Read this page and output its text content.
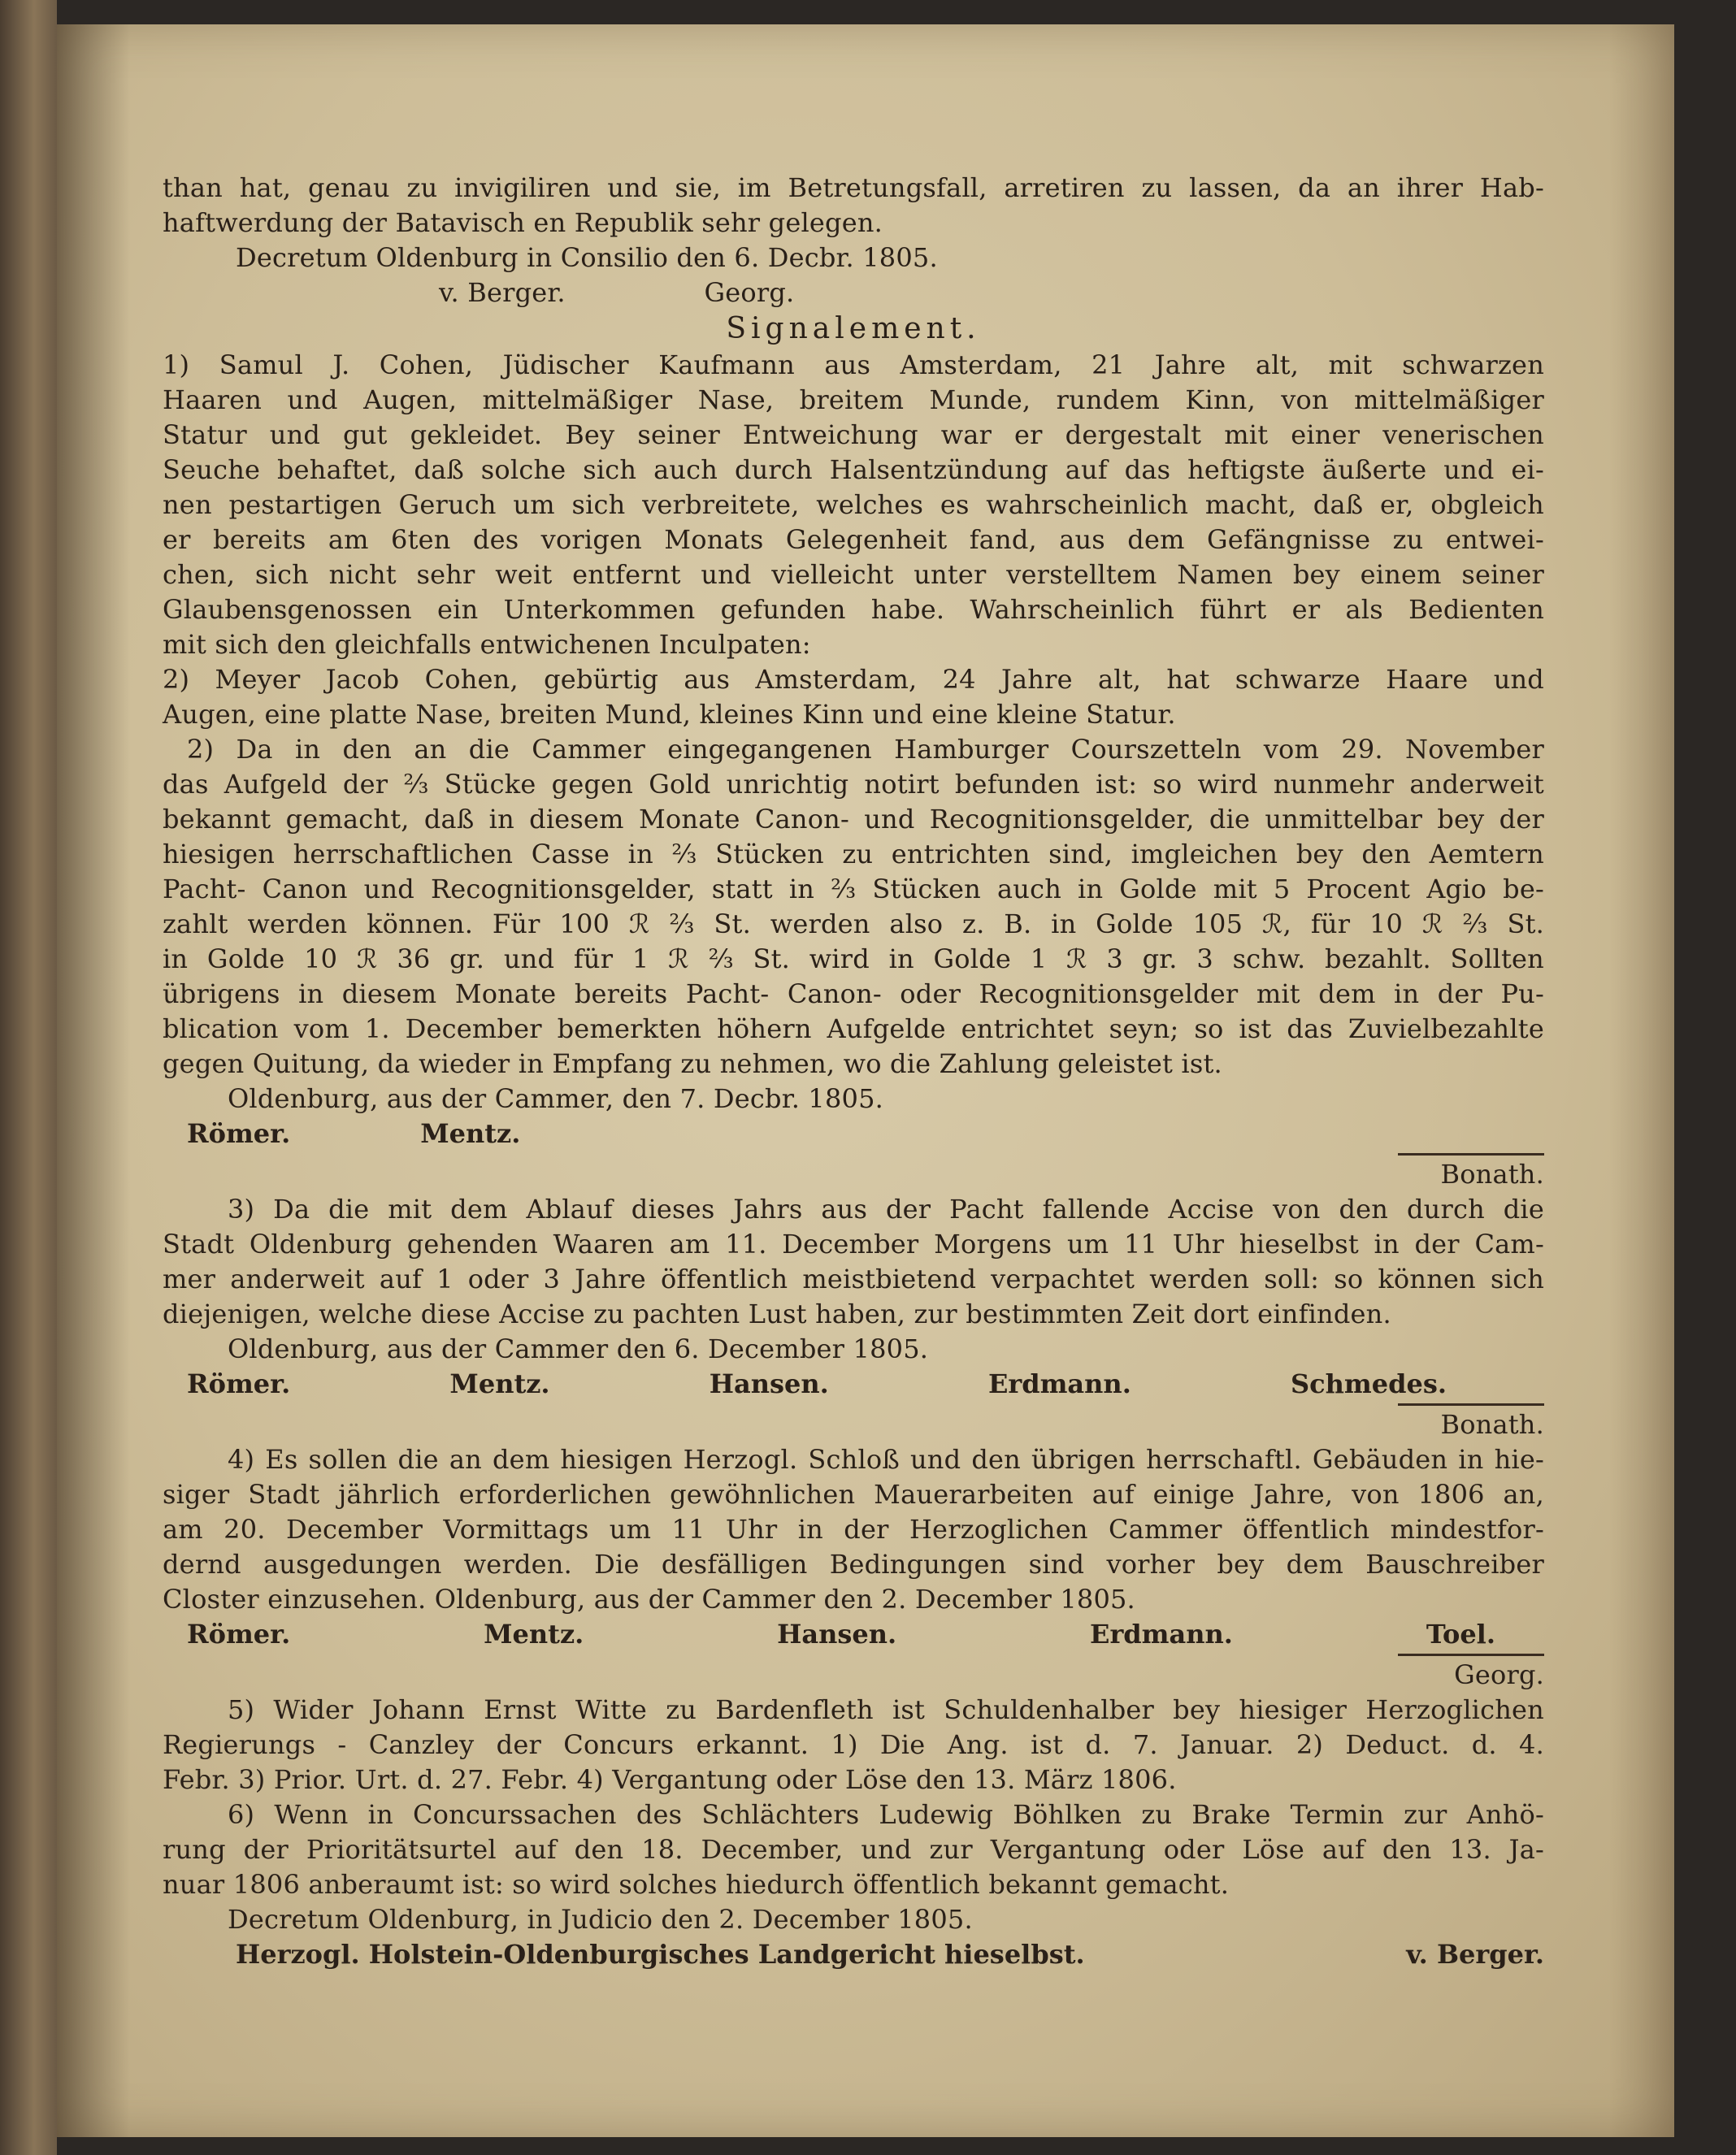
than hat, genau zu invigiliren und sie, im Betretungsfall, arretiren zu lassen, da an ihrer Hab-
haftwerdung der Batavisch en Republik sehr gelegen.
Decretum Oldenburg in Consilio den 6. Decbr. 1805.
v. Berger.	Georg.
Signalement.
1) Samul J. Cohen, Jüdischer Kaufmann aus Amsterdam, 21 Jahre alt, mit schwarzen
Haaren und Augen, mittelmäßiger Nase, breitem Munde, rundem Kinn, von mittelmäßiger
Statur und gut gekleidet. Bey seiner Entweichung war er dergestalt mit einer venerischen
Seuche behaftet, daß solche sich auch durch Halsentzündung auf das heftigste äußerte und ei-
nen pestartigen Geruch um sich verbreitete, welches es wahrscheinlich macht, daß er, obgleich
er bereits am 6ten des vorigen Monats Gelegenheit fand, aus dem Gefängnisse zu entwei-
chen, sich nicht sehr weit entfernt und vielleicht unter verstelltem Namen bey einem seiner
Glaubensgenossen ein Unterkommen gefunden habe. Wahrscheinlich führt er als Bedienten
mit sich den gleichfalls entwichenen Inculpaten:
2) Meyer Jacob Cohen, gebürtig aus Amsterdam, 24 Jahre alt, hat schwarze Haare und
Augen, eine platte Nase, breiten Mund, kleines Kinn und eine kleine Statur.
2) Da in den an die Cammer eingegangenen Hamburger Courszetteln vom 29. November
das Aufgeld der ⅔ Stücke gegen Gold unrichtig notirt befunden ist: so wird nunmehr anderweit
bekannt gemacht, daß in diesem Monate Canon- und Recognitionsgelder, die unmittelbar bey der
hiesigen herrschaftlichen Casse in ⅔ Stücken zu entrichten sind, imgleichen bey den Aemtern
Pacht- Canon und Recognitionsgelder, statt in ⅔ Stücken auch in Golde mit 5 Procent Agio be-
zahlt werden können. Für 100 ℛ ⅔ St. werden also z. B. in Golde 105 ℛ, für 10 ℛ ⅔ St.
in Golde 10 ℛ 36 gr. und für 1 ℛ ⅔ St. wird in Golde 1 ℛ 3 gr. 3 schw. bezahlt. Sollten
übrigens in diesem Monate bereits Pacht- Canon- oder Recognitionsgelder mit dem in der Pu-
blication vom 1. December bemerkten höhern Aufgelde entrichtet seyn; so ist das Zuvielbezahlte
gegen Quitung, da wieder in Empfang zu nehmen, wo die Zahlung geleistet ist.
Oldenburg, aus der Cammer, den 7. Decbr. 1805.
Römer.	Mentz.
Bonath.
3) Da die mit dem Ablauf dieses Jahrs aus der Pacht fallende Accise von den durch die
Stadt Oldenburg gehenden Waaren am 11. December Morgens um 11 Uhr hieselbst in der Cam-
mer anderweit auf 1 oder 3 Jahre öffentlich meistbietend verpachtet werden soll: so können sich
diejenigen, welche diese Accise zu pachten Lust haben, zur bestimmten Zeit dort einfinden.
Oldenburg, aus der Cammer den 6. December 1805.
Römer.	Mentz.	Hansen.	Erdmann.	Schmedes.
Bonath.
4) Es sollen die an dem hiesigen Herzogl. Schloß und den übrigen herrschaftl. Gebäuden in hie-
siger Stadt jährlich erforderlichen gewöhnlichen Mauerarbeiten auf einige Jahre, von 1806 an,
am 20. December Vormittags um 11 Uhr in der Herzoglichen Cammer öffentlich mindestfor-
dernd ausgedungen werden. Die desfälligen Bedingungen sind vorher bey dem Bauschreiber
Closter einzusehen. Oldenburg, aus der Cammer den 2. December 1805.
Römer.	Mentz.	Hansen.	Erdmann.	Toel.
Georg.
5) Wider Johann Ernst Witte zu Bardenfleth ist Schuldenhalber bey hiesiger Herzoglichen
Regierungs - Canzley der Concurs erkannt. 1) Die Ang. ist d. 7. Januar. 2) Deduct. d. 4.
Febr. 3) Prior. Urt. d. 27. Febr. 4) Vergantung oder Löse den 13. März 1806.
6) Wenn in Concurssachen des Schlächters Ludewig Böhlken zu Brake Termin zur Anhö-
rung der Prioritätsurtel auf den 18. December, und zur Vergantung oder Löse auf den 13. Ja-
nuar 1806 anberaumt ist: so wird solches hiedurch öffentlich bekannt gemacht.
Decretum Oldenburg, in Judicio den 2. December 1805.
Herzogl. Holstein-Oldenburgisches Landgericht hieselbst.	v. Berger.
